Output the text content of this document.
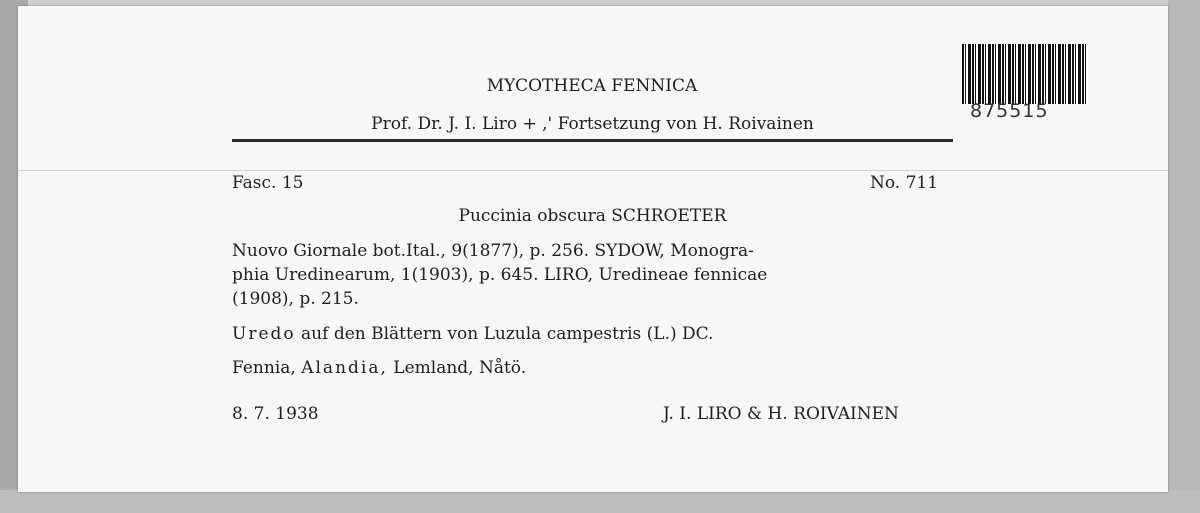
MYCOTHECA FENNICA
Prof. Dr. J. I. Liro + ,' Fortsetzung von H. Roivainen
875515
Fasc. 15	No. 711
Puccinia obscura SCHROETER
Nuovo Giornale bot.Ital., 9(1877), p. 256. SYDOW, Monogra-
phia Uredinearum, 1(1903), p. 645. LIRO, Uredineae fennicae
(1908), p. 215.
Uredo auf den Blättern von Luzula campestris (L.) DC.
Fennia, Alandia, Lemland, Nåtö.
8. 7. 1938	J. I. LIRO & H. ROIVAINEN
